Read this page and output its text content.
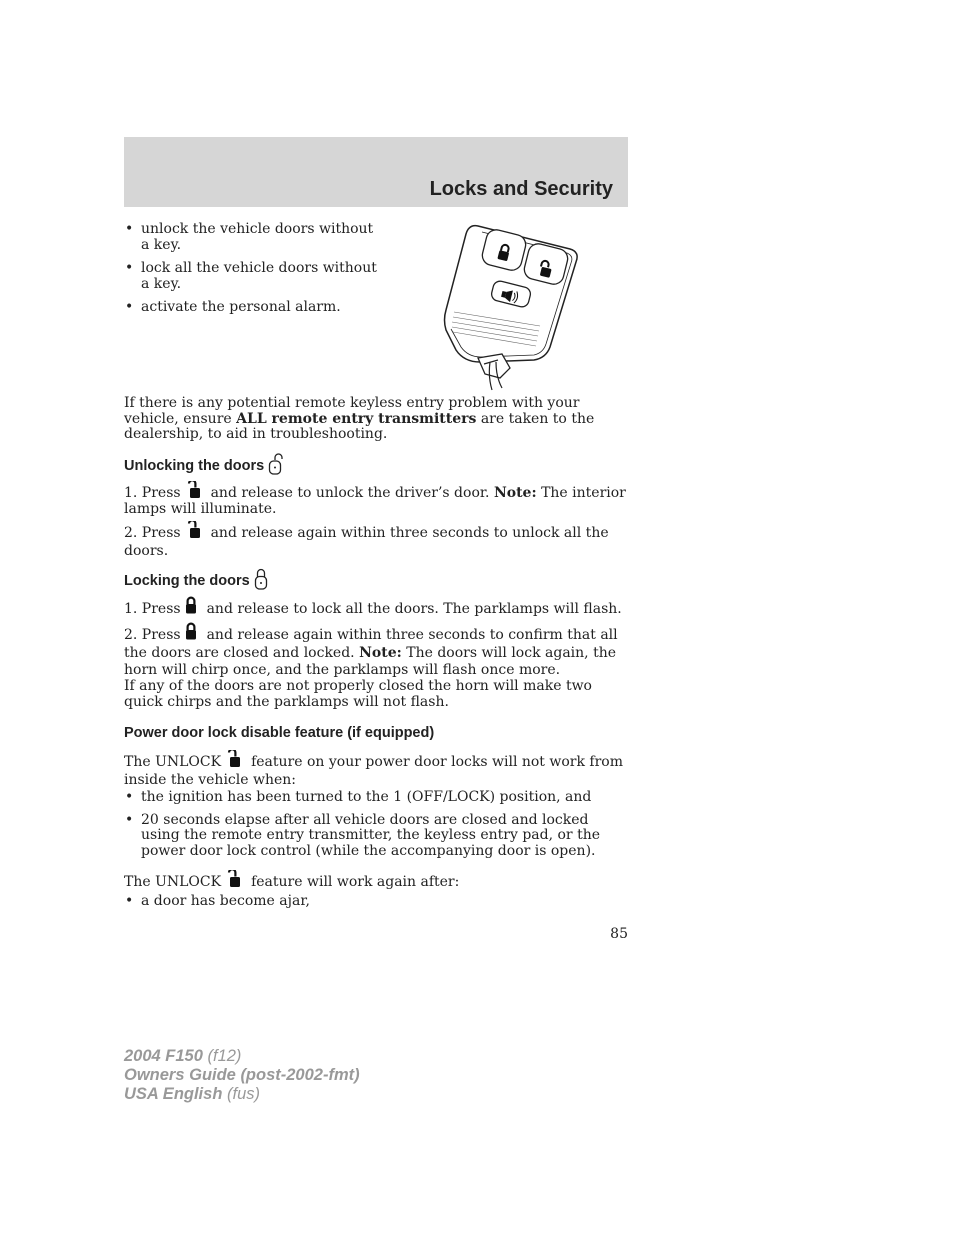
Locks and Security
• unlock the vehicle doors without a key.
• lock all the vehicle doors without a key.
• activate the personal alarm.

If there is any potential remote keyless entry problem with your vehicle, ensure ALL remote entry transmitters are taken to the dealership, to aid in troubleshooting.

Unlocking the doors

1. Press and release to unlock the driver’s door. Note: The interior lamps will illuminate.

2. Press and release again within three seconds to unlock all the doors.

Locking the doors

1. Press and release to lock all the doors. The parklamps will flash.

2. Press and release again within three seconds to confirm that all the doors are closed and locked. Note: The doors will lock again, the horn will chirp once, and the parklamps will flash once more.

If any of the doors are not properly closed the horn will make two quick chirps and the parklamps will not flash.

Power door lock disable feature (if equipped)

The UNLOCK feature on your power door locks will not work from inside the vehicle when:

• the ignition has been turned to the 1 (OFF/LOCK) position, and
• 20 seconds elapse after all vehicle doors are closed and locked using the remote entry transmitter, the keyless entry pad, or the power door lock control (while the accompanying door is open).

The UNLOCK feature will work again after:

• a door has become ajar,
85
2004 F150 (f12)
Owners Guide (post-2002-fmt)
USA English (fus)
